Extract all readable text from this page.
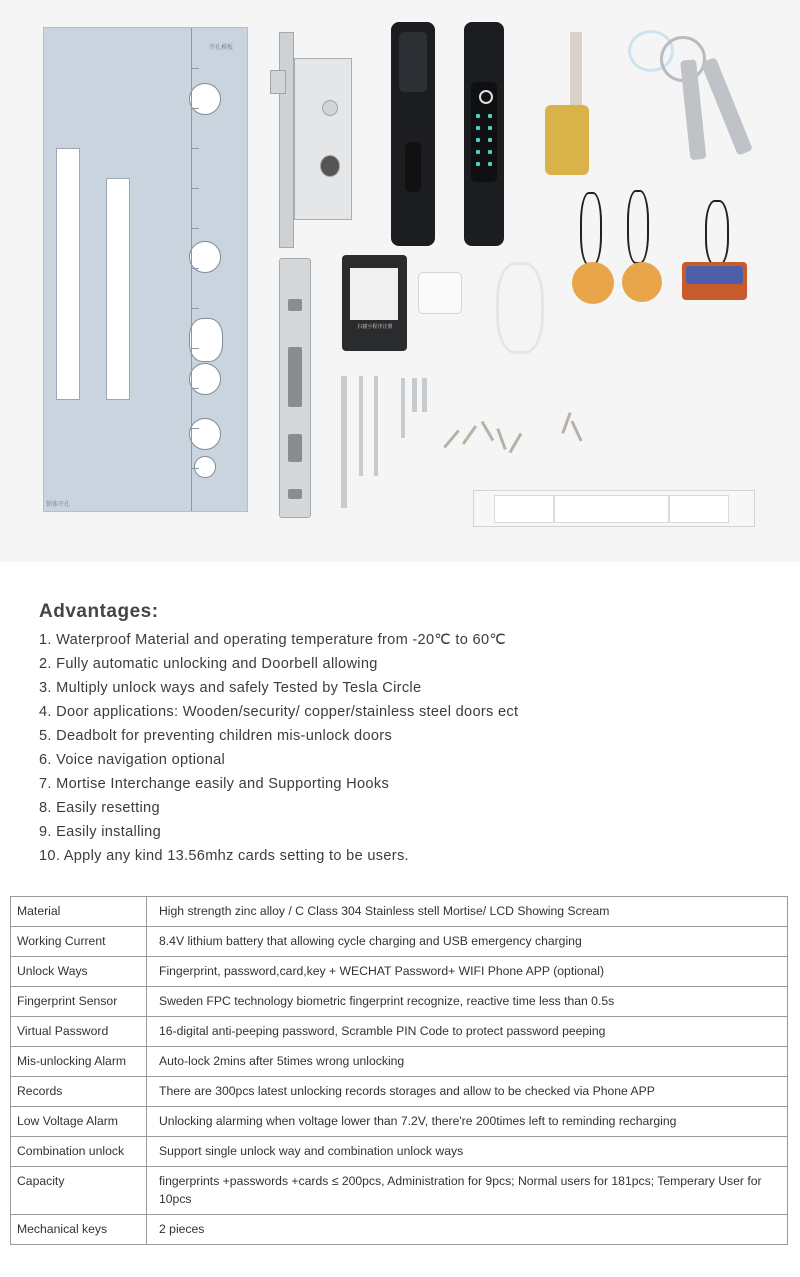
开孔模板
扫描小程序注册
锁体开孔
Advantages:
1. Waterproof Material and operating temperature from -20℃ to 60℃
2. Fully automatic unlocking and Doorbell allowing
3. Multiply unlock ways and safely Tested by Tesla Circle
4. Door applications: Wooden/security/ copper/stainless steel doors ect
5. Deadbolt for preventing children mis-unlock doors
6. Voice navigation optional
7. Mortise Interchange easily and Supporting Hooks
8. Easily resetting
9. Easily installing
10. Apply any kind 13.56mhz cards setting to be users.
Material	High strength zinc alloy / C Class 304 Stainless stell Mortise/ LCD Showing Scream
Working Current	8.4V lithium battery that allowing cycle charging and USB emergency charging
Unlock Ways	Fingerprint, password,card,key + WECHAT Password+ WIFI Phone APP (optional)
Fingerprint Sensor	Sweden FPC technology biometric fingerprint recognize, reactive time less than 0.5s
Virtual Password	16-digital anti-peeping password, Scramble PIN Code to protect password peeping
Mis-unlocking Alarm	Auto-lock 2mins after 5times wrong unlocking
Records	There are 300pcs latest unlocking records storages and allow to be checked via Phone APP
Low Voltage Alarm	Unlocking alarming when voltage lower than 7.2V, there're 200times left to reminding recharging
Combination unlock	Support single unlock way and combination unlock ways
Capacity	fingerprints +passwords +cards ≤ 200pcs, Administration for 9pcs; Normal users for 181pcs; Temperary User for 10pcs
Mechanical keys	2 pieces
